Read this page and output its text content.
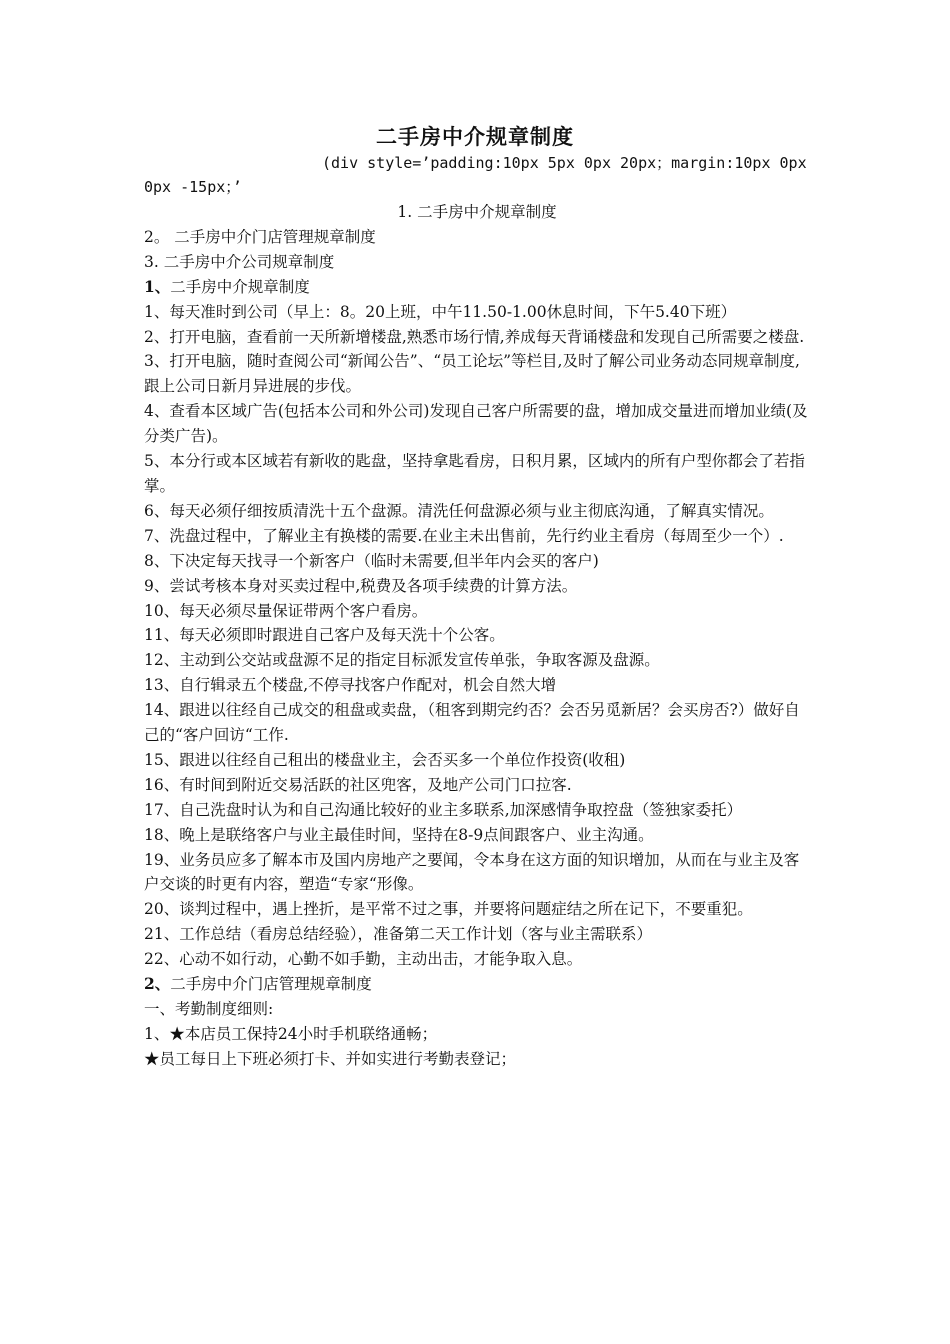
二手房中介规章制度
(div style=’padding:10px 5px 0px 20px；margin:10px 0px
0px -15px；’

1. 二手房中介规章制度

2。 二手房中介门店管理规章制度

3. 二手房中介公司规章制度

1、二手房中介规章制度

1、每天准时到公司（早上：8。20上班，中午11.50-1.00休息时间，下午5.40下班）

2、打开电脑，查看前一天所新增楼盘,熟悉市场行情,养成每天背诵楼盘和发现自己所需要之楼盘.

3、打开电脑，随时查阅公司“新闻公告”、“员工论坛”等栏目,及时了解公司业务动态同规章制度,跟上公司日新月异进展的步伐。

4、查看本区域广告(包括本公司和外公司)发现自己客户所需要的盘，增加成交量进而增加业绩(及分类广告)。

5、本分行或本区域若有新收的匙盘，坚持拿匙看房，日积月累，区域内的所有户型你都会了若指掌。

6、每天必须仔细按质清洗十五个盘源。清洗任何盘源必须与业主彻底沟通，了解真实情况。

7、洗盘过程中，了解业主有换楼的需要.在业主未出售前，先行约业主看房（每周至少一个）.

8、下决定每天找寻一个新客户（临时未需要,但半年内会买的客户)

9、尝试考核本身对买卖过程中,税费及各项手续费的计算方法。

10、每天必须尽量保证带两个客户看房。

11、每天必须即时跟进自己客户及每天洗十个公客。

12、主动到公交站或盘源不足的指定目标派发宣传单张，争取客源及盘源。

13、自行辑录五个楼盘,不停寻找客户作配对，机会自然大增

14、跟进以往经自己成交的租盘或卖盘，（租客到期完约否？会否另觅新居？会买房否?）做好自己的“客户回访“工作.

15、跟进以往经自己租出的楼盘业主，会否买多一个单位作投资(收租)

16、有时间到附近交易活跃的社区兜客，及地产公司门口拉客.

17、自己洗盘时认为和自己沟通比较好的业主多联系,加深感情争取控盘（签独家委托）

18、晚上是联络客户与业主最佳时间，坚持在8-9点间跟客户、业主沟通。

19、业务员应多了解本市及国内房地产之要闻，令本身在这方面的知识增加，从而在与业主及客户交谈的时更有内容，塑造“专家“形像。

20、谈判过程中，遇上挫折，是平常不过之事，并要将问题症结之所在记下，不要重犯。

21、工作总结（看房总结经验），准备第二天工作计划（客与业主需联系）

22、心动不如行动，心勤不如手勤，主动出击，才能争取入息。

2、二手房中介门店管理规章制度

一、考勤制度细则:

1、★本店员工保持24小时手机联络通畅；

★员工每日上下班必须打卡、并如实进行考勤表登记；
